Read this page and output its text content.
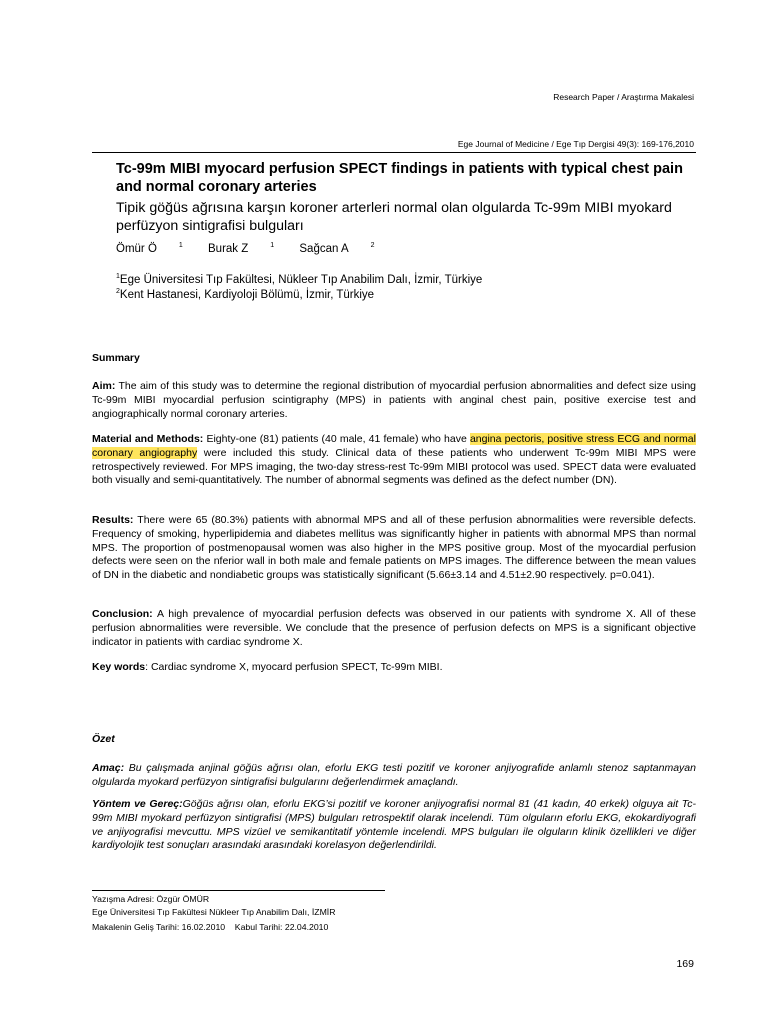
Research Paper / Araştırma Makalesi
Ege Journal of Medicine / Ege Tıp Dergisi 49(3): 169-176,2010
Tc-99m MIBI myocard perfusion SPECT findings in patients with typical chest pain and normal coronary arteries
Tipik göğüs ağrısına karşın koroner arterleri normal olan olgularda Tc-99m MIBI myokard perfüzyon sintigrafisi bulguları
Ömür Ö	$^1$ Burak Z	$^1$ Sağcan A	$^2$
$^1$Ege Üniversitesi Tıp Fakültesi, Nükleer Tıp Anabilim Dalı, İzmir, Türkiye
$^2$Kent Hastanesi, Kardiyoloji Bölümü, İzmir, Türkiye
Summary

Aim: The aim of this study was to determine the regional distribution of myocardial perfusion abnormalities and defect size using Tc-99m MIBI myocardial perfusion scintigraphy (MPS) in patients with anginal chest pain, positive exercise test and angiographically normal coronary arteries.

Material and Methods: Eighty-one (81) patients (40 male, 41 female) who have angina pectoris, positive stress ECG and normal coronary angiography were included this study. Clinical data of these patients who underwent Tc-99m MIBI MPS were retrospectively reviewed. For MPS imaging, the two-day stress-rest Tc-99m MIBI protocol was used. SPECT data were evaluated both visually and semi-quantitatively. The number of abnormal segments was defined as the defect number (DN).

Results: There were 65 (80.3%) patients with abnormal MPS and all of these perfusion abnormalities were reversible defects. Frequency of smoking, hyperlipidemia and diabetes mellitus was significantly higher in patients with abnormal MPS than normal MPS. The proportion of postmenopausal women was also higher in the MPS positive group. Most of the myocardial perfusion defects were seen on the nferior wall in both male and female patients on MPS images. The difference between the mean values of DN in the diabetic and nondiabetic groups was statistically significant (5.66±3.14 and 4.51±2.90 respectively. p=0.041).

Conclusion: A high prevalence of myocardial perfusion defects was observed in our patients with syndrome X. All of these perfusion abnormalities were reversible. We conclude that the presence of perfusion defects on MPS is a significant objective indicator in patients with cardiac syndrome X.

Key words: Cardiac syndrome X, myocard perfusion SPECT, Tc-99m MIBI.

Özet

Amaç: Bu çalışmada anjinal göğüs ağrısı olan, eforlu EKG testi pozitif ve koroner anjiyografide anlamlı stenoz saptanmayan olgularda myokard perfüzyon sintigrafisi bulgularını değerlendirmek amaçlandı.

Yöntem ve Gereç:Göğüs ağrısı olan, eforlu EKG’si pozitif ve koroner anjiyografisi normal 81 (41 kadın, 40 erkek) olguya ait Tc-99m MIBI myokard perfüzyon sintigrafisi (MPS) bulguları retrospektif olarak incelendi. Tüm olguların eforlu EKG, ekokardiyografi ve anjiyografisi mevcuttu. MPS vizüel ve semikantitatif yöntemle incelendi. MPS bulguları ile olguların klinik özellikleri ve diğer kardiyolojik test sonuçları arasındaki arasındaki korelasyon değerlendirildi.

Yazışma Adresi: Özgür ÖMÜR
Ege Üniversitesi Tıp Fakültesi Nükleer Tıp Anabilim Dalı, İZMİR
Makalenin Geliş Tarihi: 16.02.2010 Kabul Tarihi: 22.04.2010
169
